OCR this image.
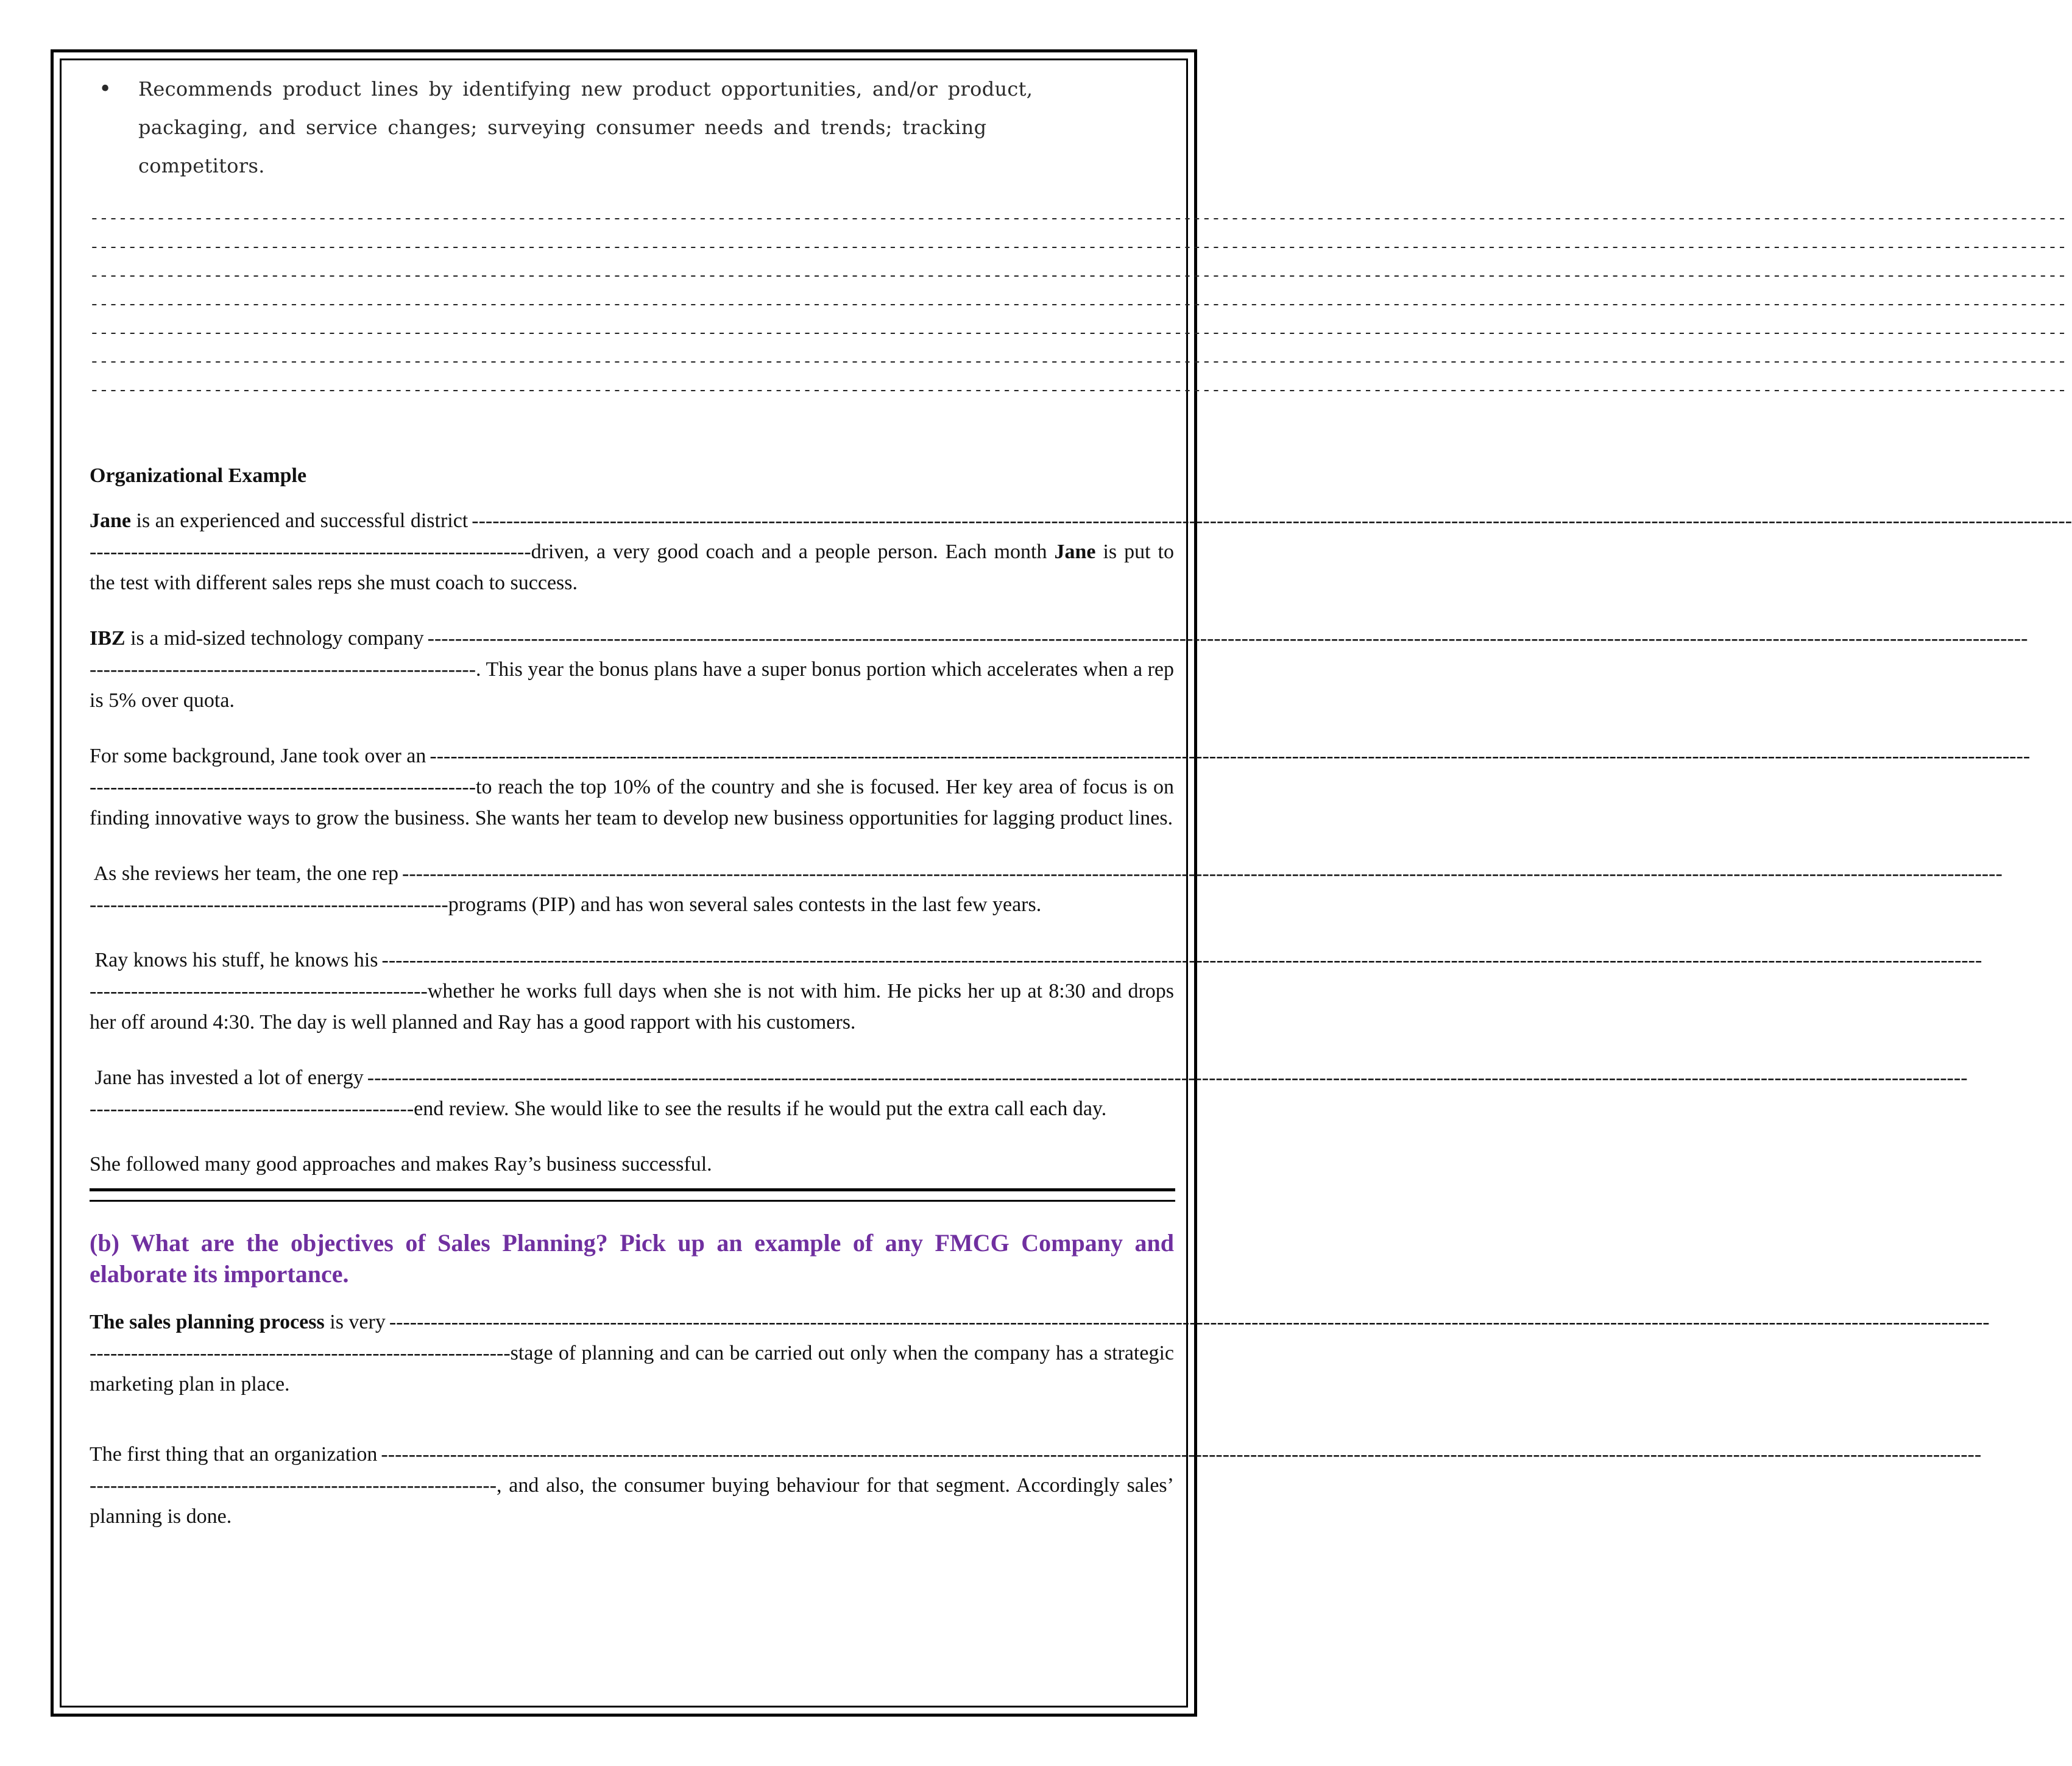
• Recommends product lines by identifying new product opportunities, and/or product, packaging, and service changes; surveying consumer needs and trends; tracking competitors.
----------------------------------------------------------------------------------------------------------------------------------------------------------------------------------------------------------------
----------------------------------------------------------------------------------------------------------------------------------------------------------------------------------------------------------------
----------------------------------------------------------------------------------------------------------------------------------------------------------------------------------------------------------------
----------------------------------------------------------------------------------------------------------------------------------------------------------------------------------------------------------------
----------------------------------------------------------------------------------------------------------------------------------------------------------------------------------------------------------------
----------------------------------------------------------------------------------------------------------------------------------------------------------------------------------------------------------------
----------------------------------------------------------------------------------------------------------------------------------------------------------------------------------------------------------------
Organizational Example
Jane is an experienced and successful district
-----

----------------------------------------------------------------driven, a very good coach and a people person. Each month Jane is put to the test with different sales reps she must coach to success.

IBZ is a mid-sized technology company
-----

--------------------------------------------------------. This year the bonus plans have a super bonus portion which accelerates when a rep is 5% over quota.

For some background, Jane took over an
-----

--------------------------------------------------------to reach the top 10% of the country and she is focused. Her key area of focus is on finding innovative ways to grow the business. She wants her team to develop new business opportunities for lagging product lines.

As she reviews her team, the one rep
-----

----------------------------------------------------programs (PIP) and has won several sales contests in the last few years.

Ray knows his stuff, he knows his
-----

-------------------------------------------------whether he works full days when she is not with him. He picks her up at 8:30 and drops her off around 4:30. The day is well planned and Ray has a good rapport with his customers.

Jane has invested a lot of energy
-----

-----------------------------------------------end review. She would like to see the results if he would put the extra call each day.

She followed many good approaches and makes Ray’s business successful.

(b) What are the objectives of Sales Planning? Pick up an example of any FMCG Company and elaborate its importance.
The sales planning process is very
-----

-------------------------------------------------------------stage of planning and can be carried out only when the company has a strategic marketing plan in place.

The first thing that an organization
-----

-----------------------------------------------------------, and also, the consumer buying behaviour for that segment. Accordingly sales’ planning is done.
